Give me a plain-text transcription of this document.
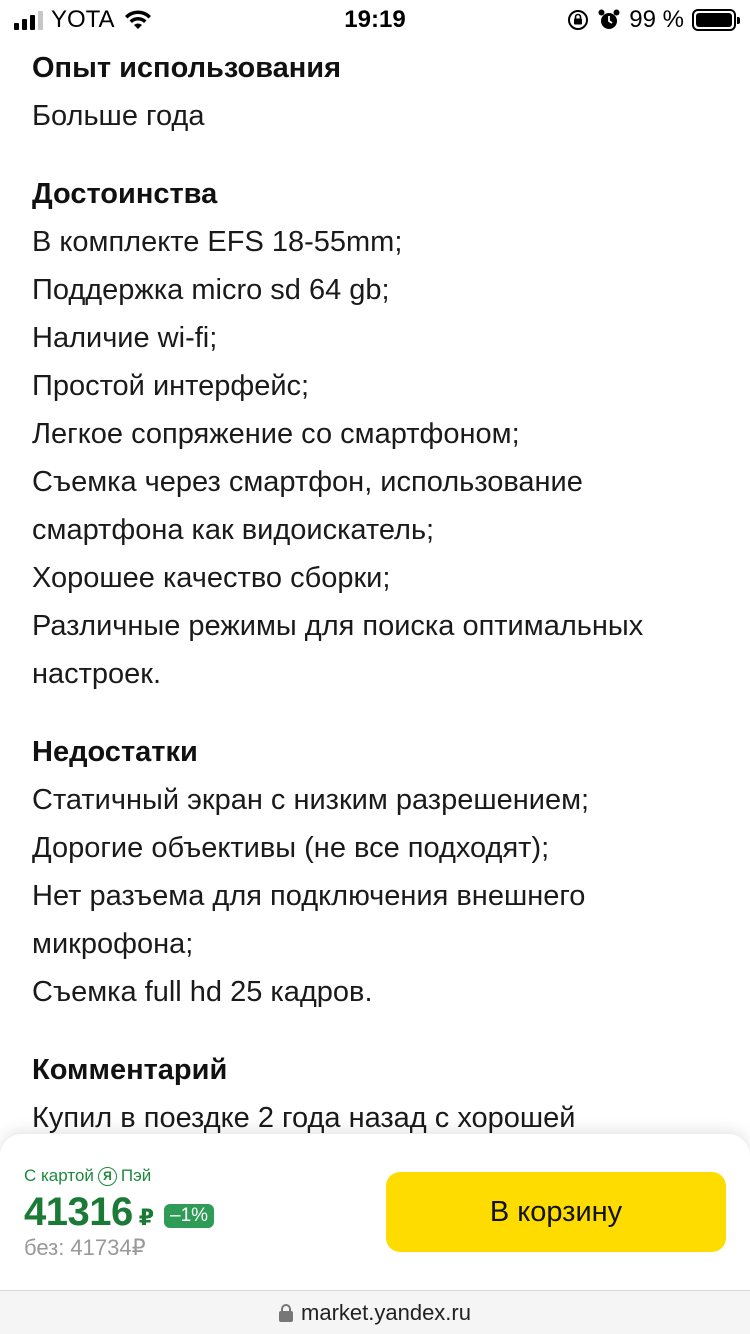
YOTA	19:19	99 %
Опыт использования

Больше года

Достоинства

В комплекте EFS 18-55mm;

Поддержка micro sd 64 gb;

Наличие wi-fi;

Простой интерфейс;

Легкое сопряжение со смартфоном;

Съемка через смартфон, использование смартфона как видоискатель;

Хорошее качество сборки;

Различные режимы для поиска оптимальных настроек.

Недостатки

Статичный экран с низким разрешением;

Дорогие объективы (не все подходят);

Нет разъема для подключения внешнего микрофона;

Съемка full hd 25 кадров.

Комментарий

Купил в поездке 2 года назад с хорошей

С картой Я Пэй
41316 ₽ –1%
без: 41734₽
В корзину
market.yandex.ru
